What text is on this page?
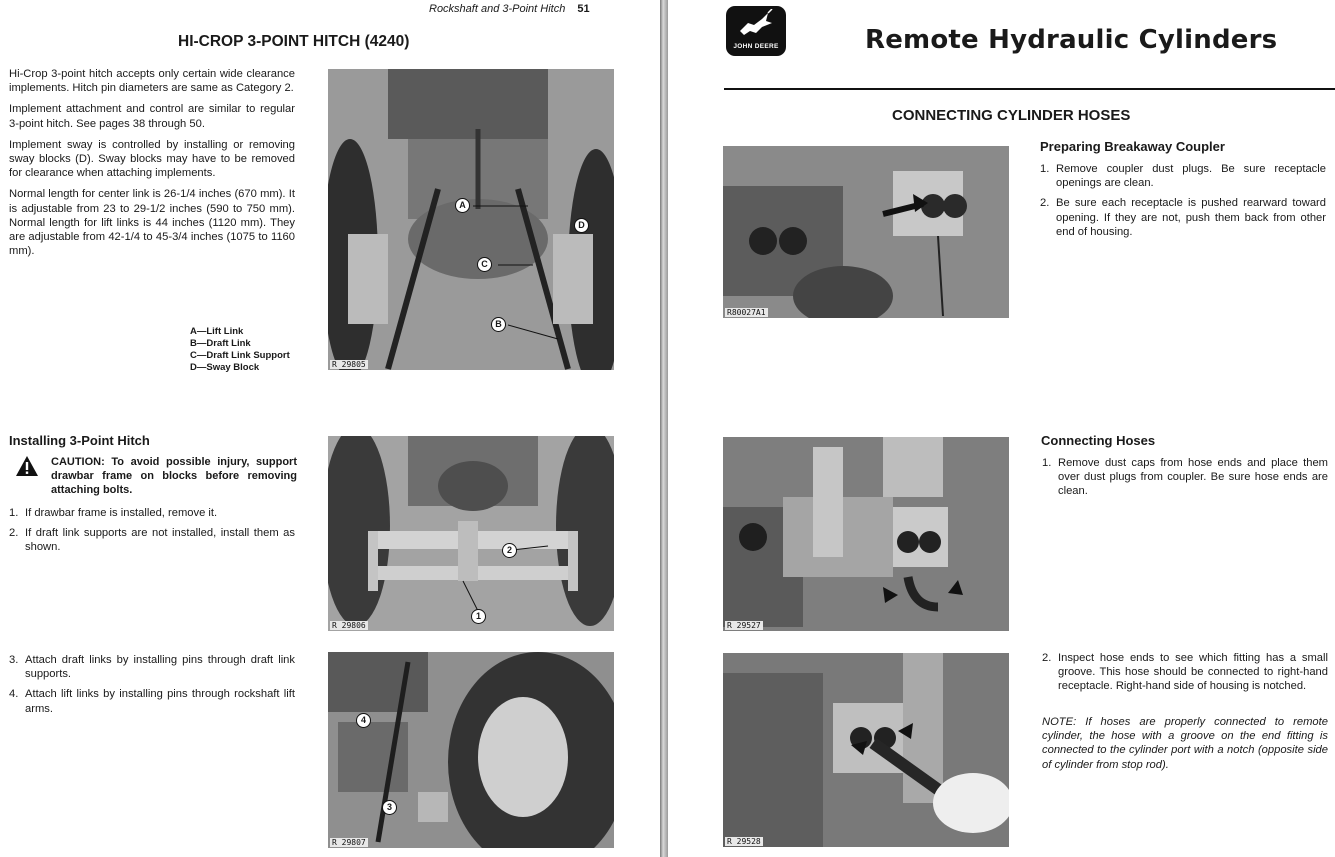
Rockshaft and 3-Point Hitch 51
HI-CROP 3-POINT HITCH (4240)

Hi-Crop 3-point hitch accepts only certain wide clearance implements. Hitch pin diameters are same as Category 2.

Implement attachment and control are similar to regular 3-point hitch. See pages 38 through 50.

Implement sway is controlled by installing or removing sway blocks (D). Sway blocks may have to be removed for clearance when attaching implements.

Normal length for center link is 26-1/4 inches (670 mm). It is adjustable from 23 to 29-1/2 inches (590 to 750 mm). Normal length for lift links is 44 inches (1120 mm). They are adjustable from 42-1/4 to 45-3/4 inches (1075 to 1160 mm).

A—Lift Link
B—Draft Link
C—Draft Link Support
D—Sway Block
A
C
D
B
R 29805
Installing 3-Point Hitch
CAUTION: To avoid possible injury, support drawbar frame on blocks before removing attaching bolts.
1. If drawbar frame is installed, remove it.
2. If draft link supports are not installed, install them as shown.	2
1
R 29806
3. Attach draft links by installing pins through draft link supports.
4. Attach lift links by installing pins through rockshaft lift arms.
4
3
R 29807
JOHN DEERE	Remote Hydraulic Cylinders
CONNECTING CYLINDER HOSES
R80027A1
Preparing Breakaway Coupler
1. Remove coupler dust plugs. Be sure receptacle openings are clean.
2. Be sure each receptacle is pushed rearward toward opening. If they are not, push them back from other end of housing.
R 29527
Connecting Hoses
1. Remove dust caps from hose ends and place them over dust plugs from coupler. Be sure hose ends are clean.
R 29528
2. Inspect hose ends to see which fitting has a small groove. This hose should be connected to right-hand receptacle. Right-hand side of housing is notched.
NOTE: If hoses are properly connected to remote cylinder, the hose with a groove on the end fitting is connected to the cylinder port with a notch (opposite side of cylinder from stop rod).
